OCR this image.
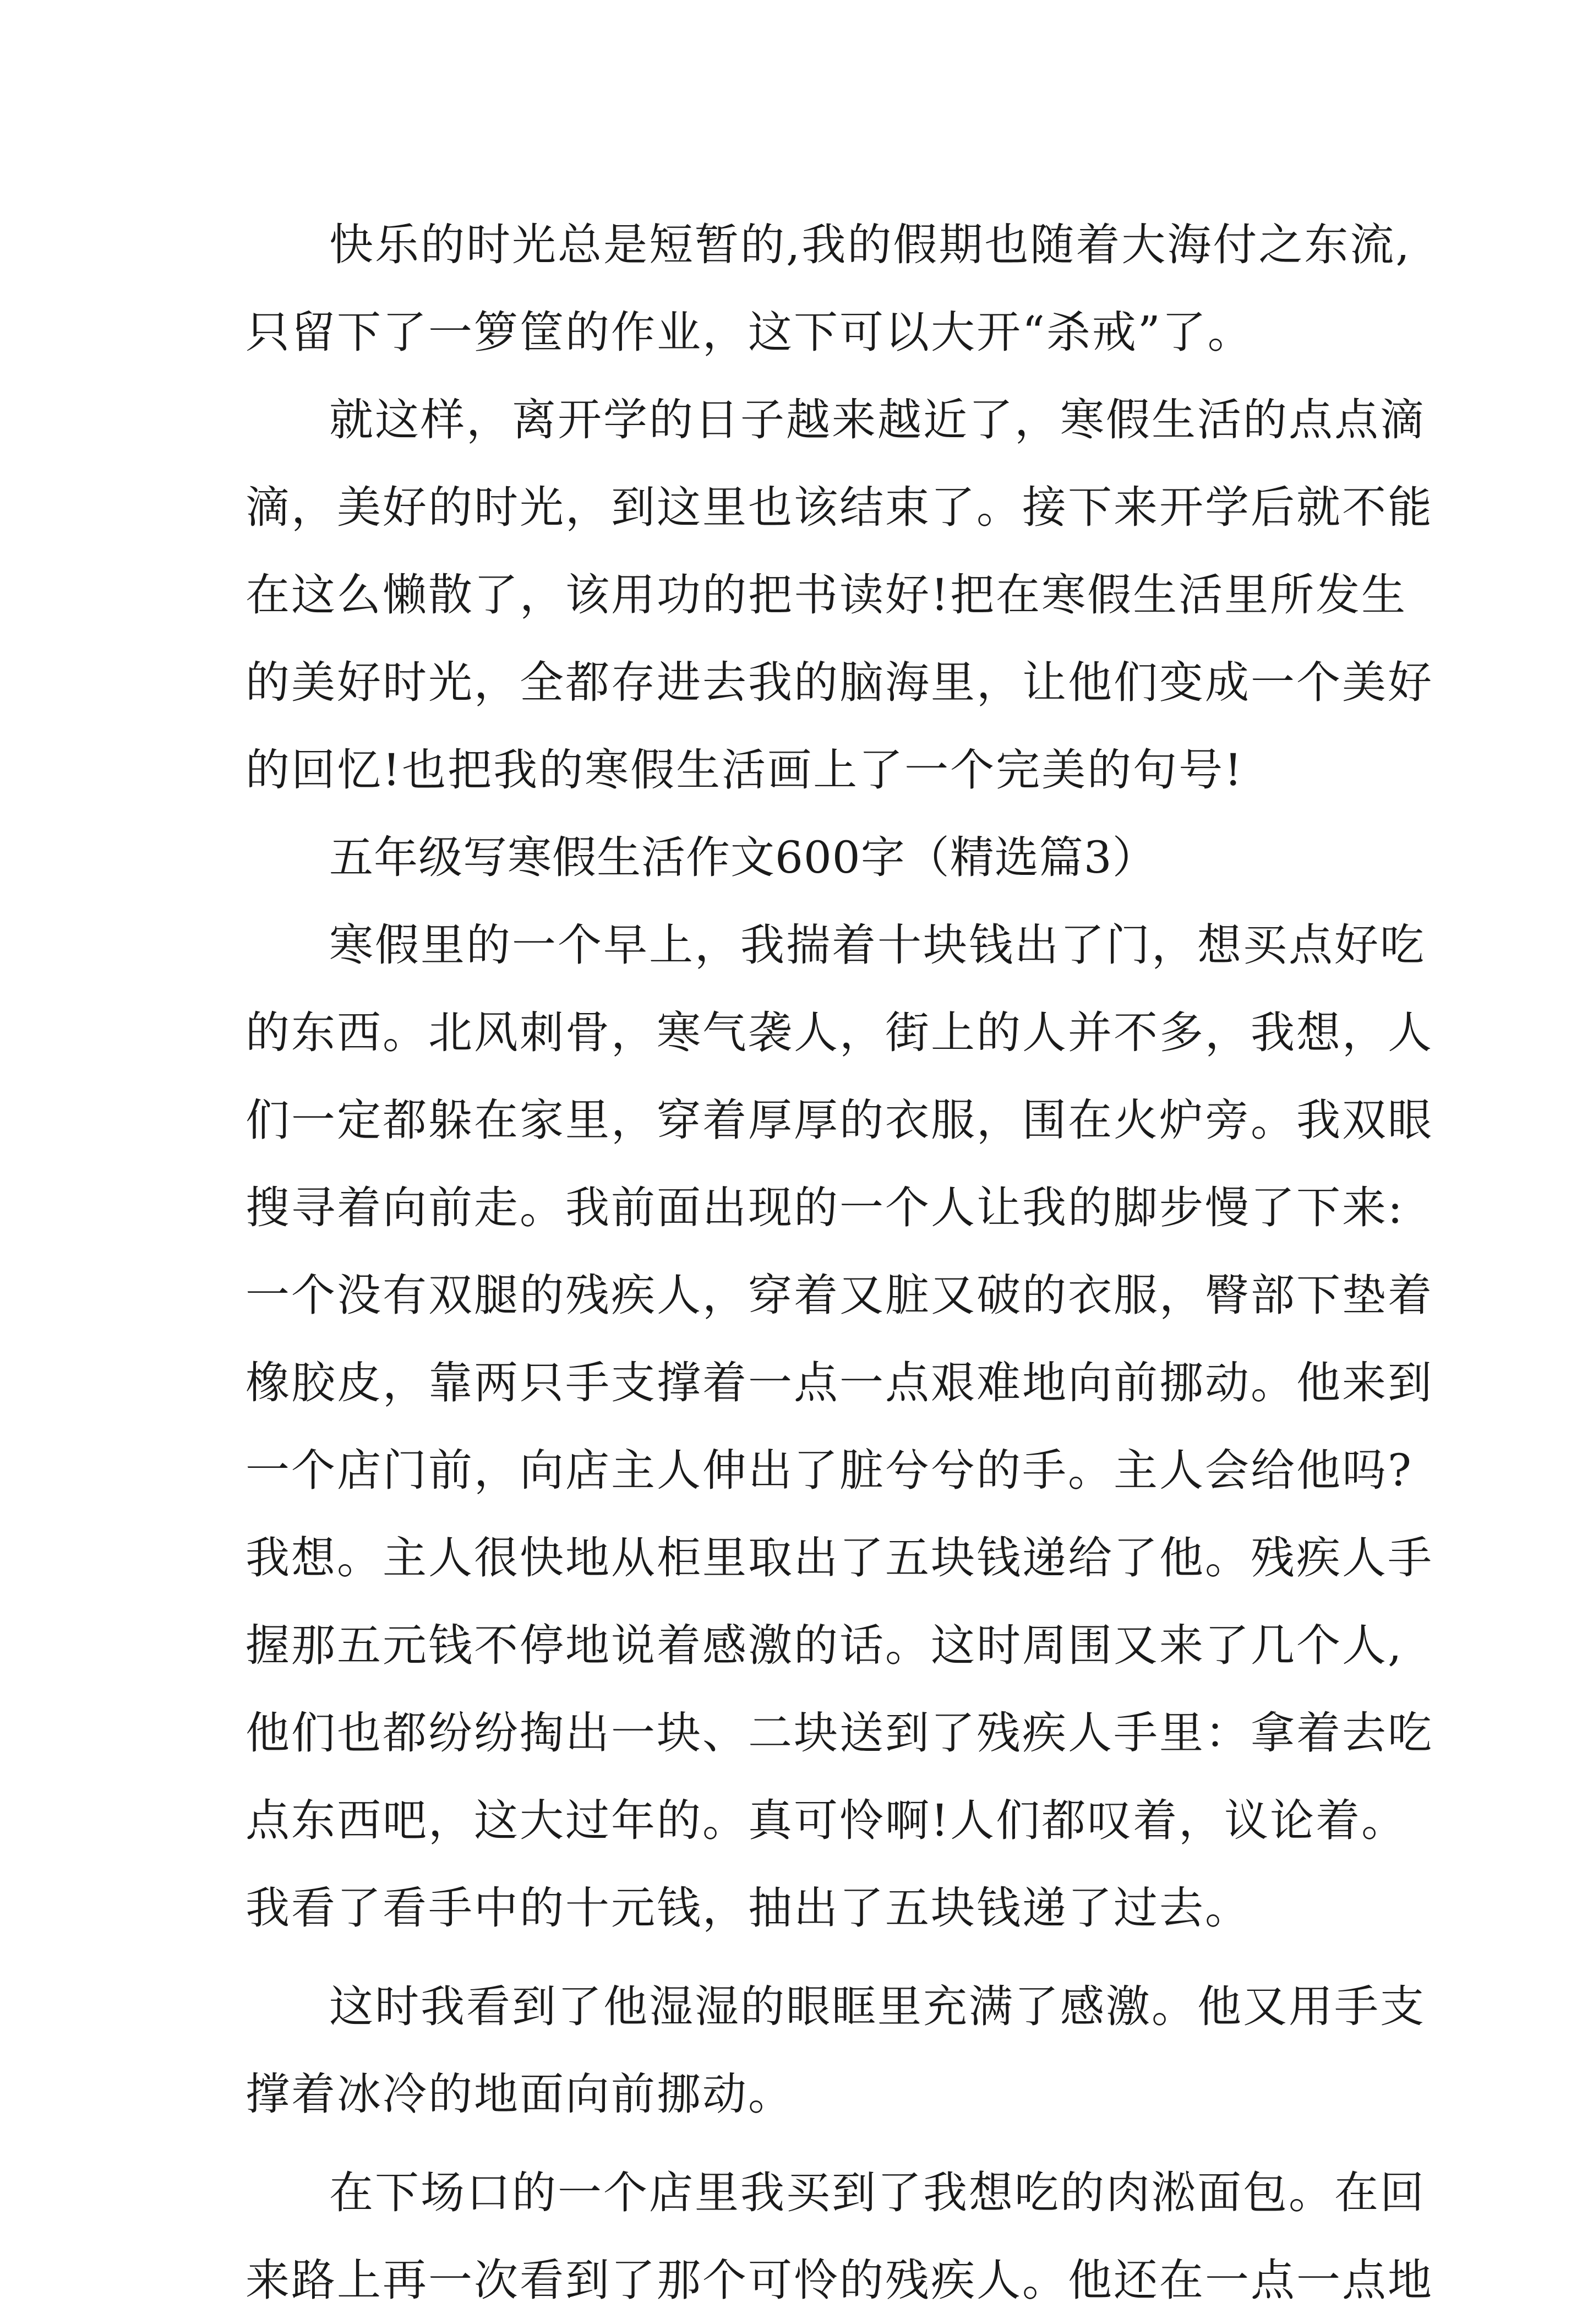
快乐的时光总是短暂的,我的假期也随着大海付之东流,
只留下了一箩筐的作业，这下可以大开“杀戒”了。
就这样，离开学的日子越来越近了，寒假生活的点点滴
滴，美好的时光，到这里也该结束了。接下来开学后就不能
在这么懒散了，该用功的把书读好!把在寒假生活里所发生
的美好时光，全都存进去我的脑海里，让他们变成一个美好
的回忆!也把我的寒假生活画上了一个完美的句号!
五年级写寒假生活作文600字（精选篇3）
寒假里的一个早上，我揣着十块钱出了门，想买点好吃
的东西。北风刺骨，寒气袭人，街上的人并不多，我想，人
们一定都躲在家里，穿着厚厚的衣服，围在火炉旁。我双眼
搜寻着向前走。我前面出现的一个人让我的脚步慢了下来:
一个没有双腿的残疾人，穿着又脏又破的衣服，臀部下垫着
橡胶皮，靠两只手支撑着一点一点艰难地向前挪动。他来到
一个店门前，向店主人伸出了脏兮兮的手。主人会给他吗?
我想。主人很快地从柜里取出了五块钱递给了他。残疾人手
握那五元钱不停地说着感激的话。这时周围又来了几个人,
他们也都纷纷掏出一块、二块送到了残疾人手里：拿着去吃
点东西吧，这大过年的。真可怜啊!人们都叹着，议论着。
我看了看手中的十元钱，抽出了五块钱递了过去。
这时我看到了他湿湿的眼眶里充满了感激。他又用手支
撑着冰冷的地面向前挪动。
在下场口的一个店里我买到了我想吃的肉淞面包。在回
来路上再一次看到了那个可怜的残疾人。他还在一点一点地
